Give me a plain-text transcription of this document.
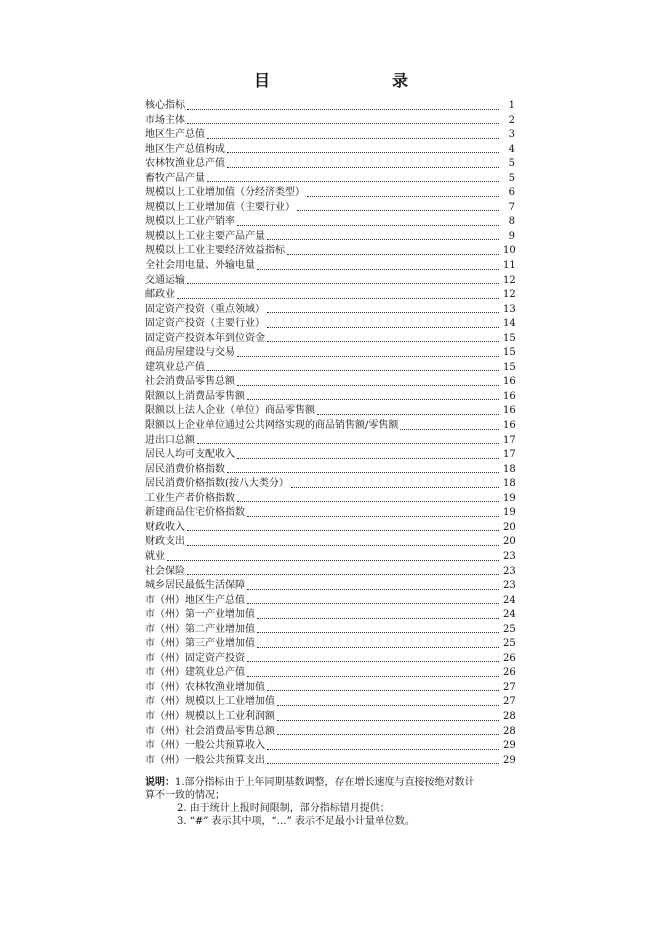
目　　录
核心指标	1
市场主体	2
地区生产总值	3
地区生产总值构成	4
农林牧渔业总产值	5
畜牧产品产量	5
规模以上工业增加值（分经济类型）	6
规模以上工业增加值（主要行业）	7
规模以上工业产销率	8
规模以上工业主要产品产量	9
规模以上工业主要经济效益指标	10
全社会用电量、外输电量	11
交通运输	12
邮政业	12
固定资产投资（重点领域）	13
固定资产投资（主要行业）	14
固定资产投资本年到位资金	15
商品房屋建设与交易	15
建筑业总产值	15
社会消费品零售总额	16
限额以上消费品零售额	16
限额以上法人企业（单位）商品零售额	16
限额以上企业单位通过公共网络实现的商品销售额/零售额	16
进出口总额	17
居民人均可支配收入	17
居民消费价格指数	18
居民消费价格指数(按八大类分）	18
工业生产者价格指数	19
新建商品住宅价格指数	19
财政收入	20
财政支出	20
就业	23
社会保险	23
城乡居民最低生活保障	23
市（州）地区生产总值	24
市（州）第一产业增加值	24
市（州）第二产业增加值	25
市（州）第三产业增加值	25
市（州）固定资产投资	26
市（州）建筑业总产值	26
市（州）农林牧渔业增加值	27
市（州）规模以上工业增加值	27
市（州）规模以上工业利润额	28
市（州）社会消费品零售总额	28
市（州）一般公共预算收入	29
市（州）一般公共预算支出	29
说明：1.部分指标由于上年同期基数调整，存在增长速度与直接按绝对数计
算不一致的情况；
2. 由于统计上报时间限制，部分指标错月提供；
3. “#” 表示其中项，“…” 表示不足最小计量单位数。
